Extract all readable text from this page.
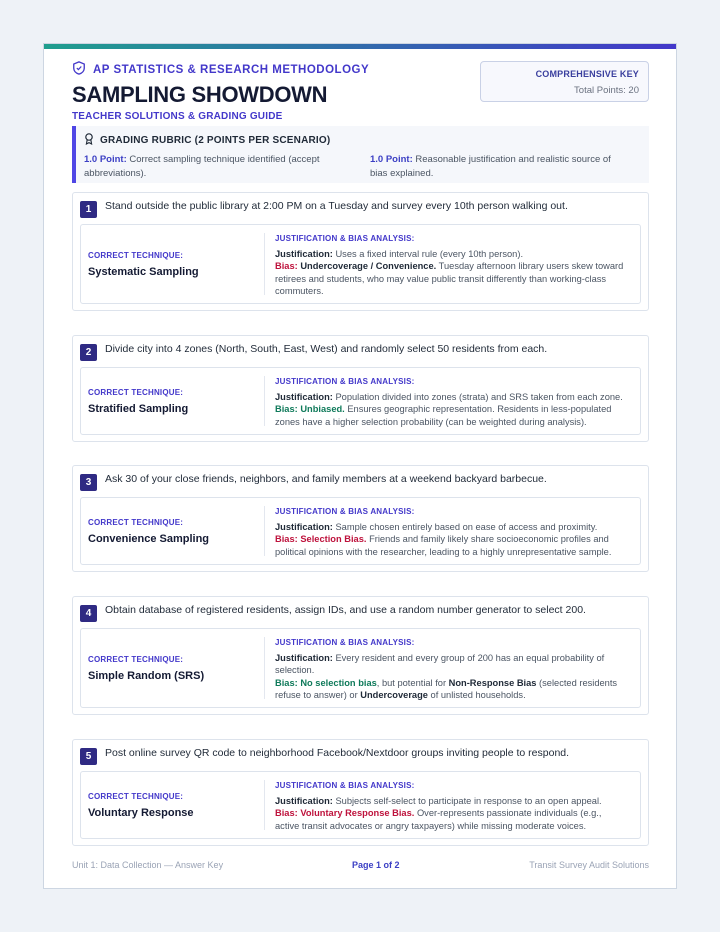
AP STATISTICS & RESEARCH METHODOLOGY
SAMPLING SHOWDOWN
TEACHER SOLUTIONS & GRADING GUIDE
COMPREHENSIVE KEY
Total Points: 20
GRADING RUBRIC (2 POINTS PER SCENARIO)
1.0 Point: Correct sampling technique identified (accept abbreviations).
1.0 Point: Reasonable justification and realistic source of bias explained.
1	Stand outside the public library at 2:00 PM on a Tuesday and survey every 10th person walking out.
CORRECT TECHNIQUE:
Systematic Sampling
JUSTIFICATION & BIAS ANALYSIS:
Justification: Uses a fixed interval rule (every 10th person).
Bias: Undercoverage / Convenience. Tuesday afternoon library users skew toward retirees and students, who may value public transit differently than working-class commuters.
2	Divide city into 4 zones (North, South, East, West) and randomly select 50 residents from each.
CORRECT TECHNIQUE:
Stratified Sampling
JUSTIFICATION & BIAS ANALYSIS:
Justification: Population divided into zones (strata) and SRS taken from each zone.
Bias: Unbiased. Ensures geographic representation. Residents in less-populated zones have a higher selection probability (can be weighted during analysis).
3	Ask 30 of your close friends, neighbors, and family members at a weekend backyard barbecue.
CORRECT TECHNIQUE:
Convenience Sampling
JUSTIFICATION & BIAS ANALYSIS:
Justification: Sample chosen entirely based on ease of access and proximity.
Bias: Selection Bias. Friends and family likely share socioeconomic profiles and political opinions with the researcher, leading to a highly unrepresentative sample.
4	Obtain database of registered residents, assign IDs, and use a random number generator to select 200.
CORRECT TECHNIQUE:
Simple Random (SRS)
JUSTIFICATION & BIAS ANALYSIS:
Justification: Every resident and every group of 200 has an equal probability of selection.
Bias: No selection bias, but potential for Non-Response Bias (selected residents refuse to answer) or Undercoverage of unlisted households.
5	Post online survey QR code to neighborhood Facebook/Nextdoor groups inviting people to respond.
CORRECT TECHNIQUE:
Voluntary Response
JUSTIFICATION & BIAS ANALYSIS:
Justification: Subjects self-select to participate in response to an open appeal.
Bias: Voluntary Response Bias. Over-represents passionate individuals (e.g., active transit advocates or angry taxpayers) while missing moderate voices.
Unit 1: Data Collection — Answer Key	Page 1 of 2	Transit Survey Audit Solutions
